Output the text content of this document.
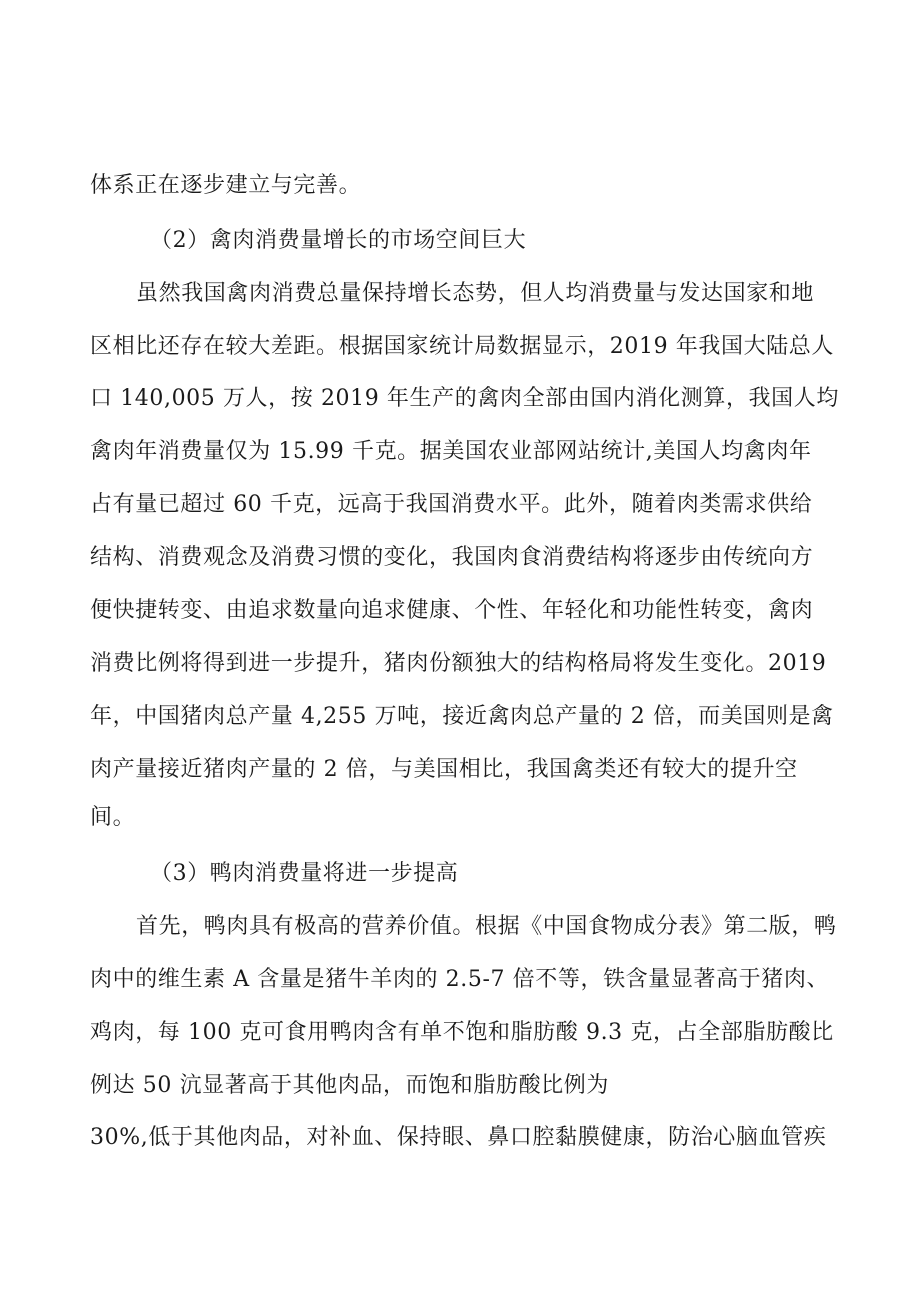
体系正在逐步建立与完善。
（2）禽肉消费量增长的市场空间巨大
虽然我国禽肉消费总量保持增长态势，但人均消费量与发达国家和地
区相比还存在较大差距。根据国家统计局数据显示，2019 年我国大陆总人
口 140,005 万人，按 2019 年生产的禽肉全部由国内消化测算，我国人均
禽肉年消费量仅为 15.99 千克。据美国农业部网站统计,美国人均禽肉年
占有量已超过 60 千克，远高于我国消费水平。此外，随着肉类需求供给
结构、消费观念及消费习惯的变化，我国肉食消费结构将逐步由传统向方
便快捷转变、由追求数量向追求健康、个性、年轻化和功能性转变，禽肉
消费比例将得到进一步提升，猪肉份额独大的结构格局将发生变化。2019
年，中国猪肉总产量 4,255 万吨，接近禽肉总产量的 2 倍，而美国则是禽
肉产量接近猪肉产量的 2 倍，与美国相比，我国禽类还有较大的提升空
间。
（3）鸭肉消费量将进一步提高
首先，鸭肉具有极高的营养价值。根据《中国食物成分表》第二版，鸭
肉中的维生素 A 含量是猪牛羊肉的 2.5-7 倍不等，铁含量显著高于猪肉、
鸡肉，每 100 克可食用鸭肉含有单不饱和脂肪酸 9.3 克，占全部脂肪酸比
例达 50 沆显著高于其他肉品，而饱和脂肪酸比例为
30%,低于其他肉品，对补血、保持眼、鼻口腔黏膜健康，防治心脑血管疾
